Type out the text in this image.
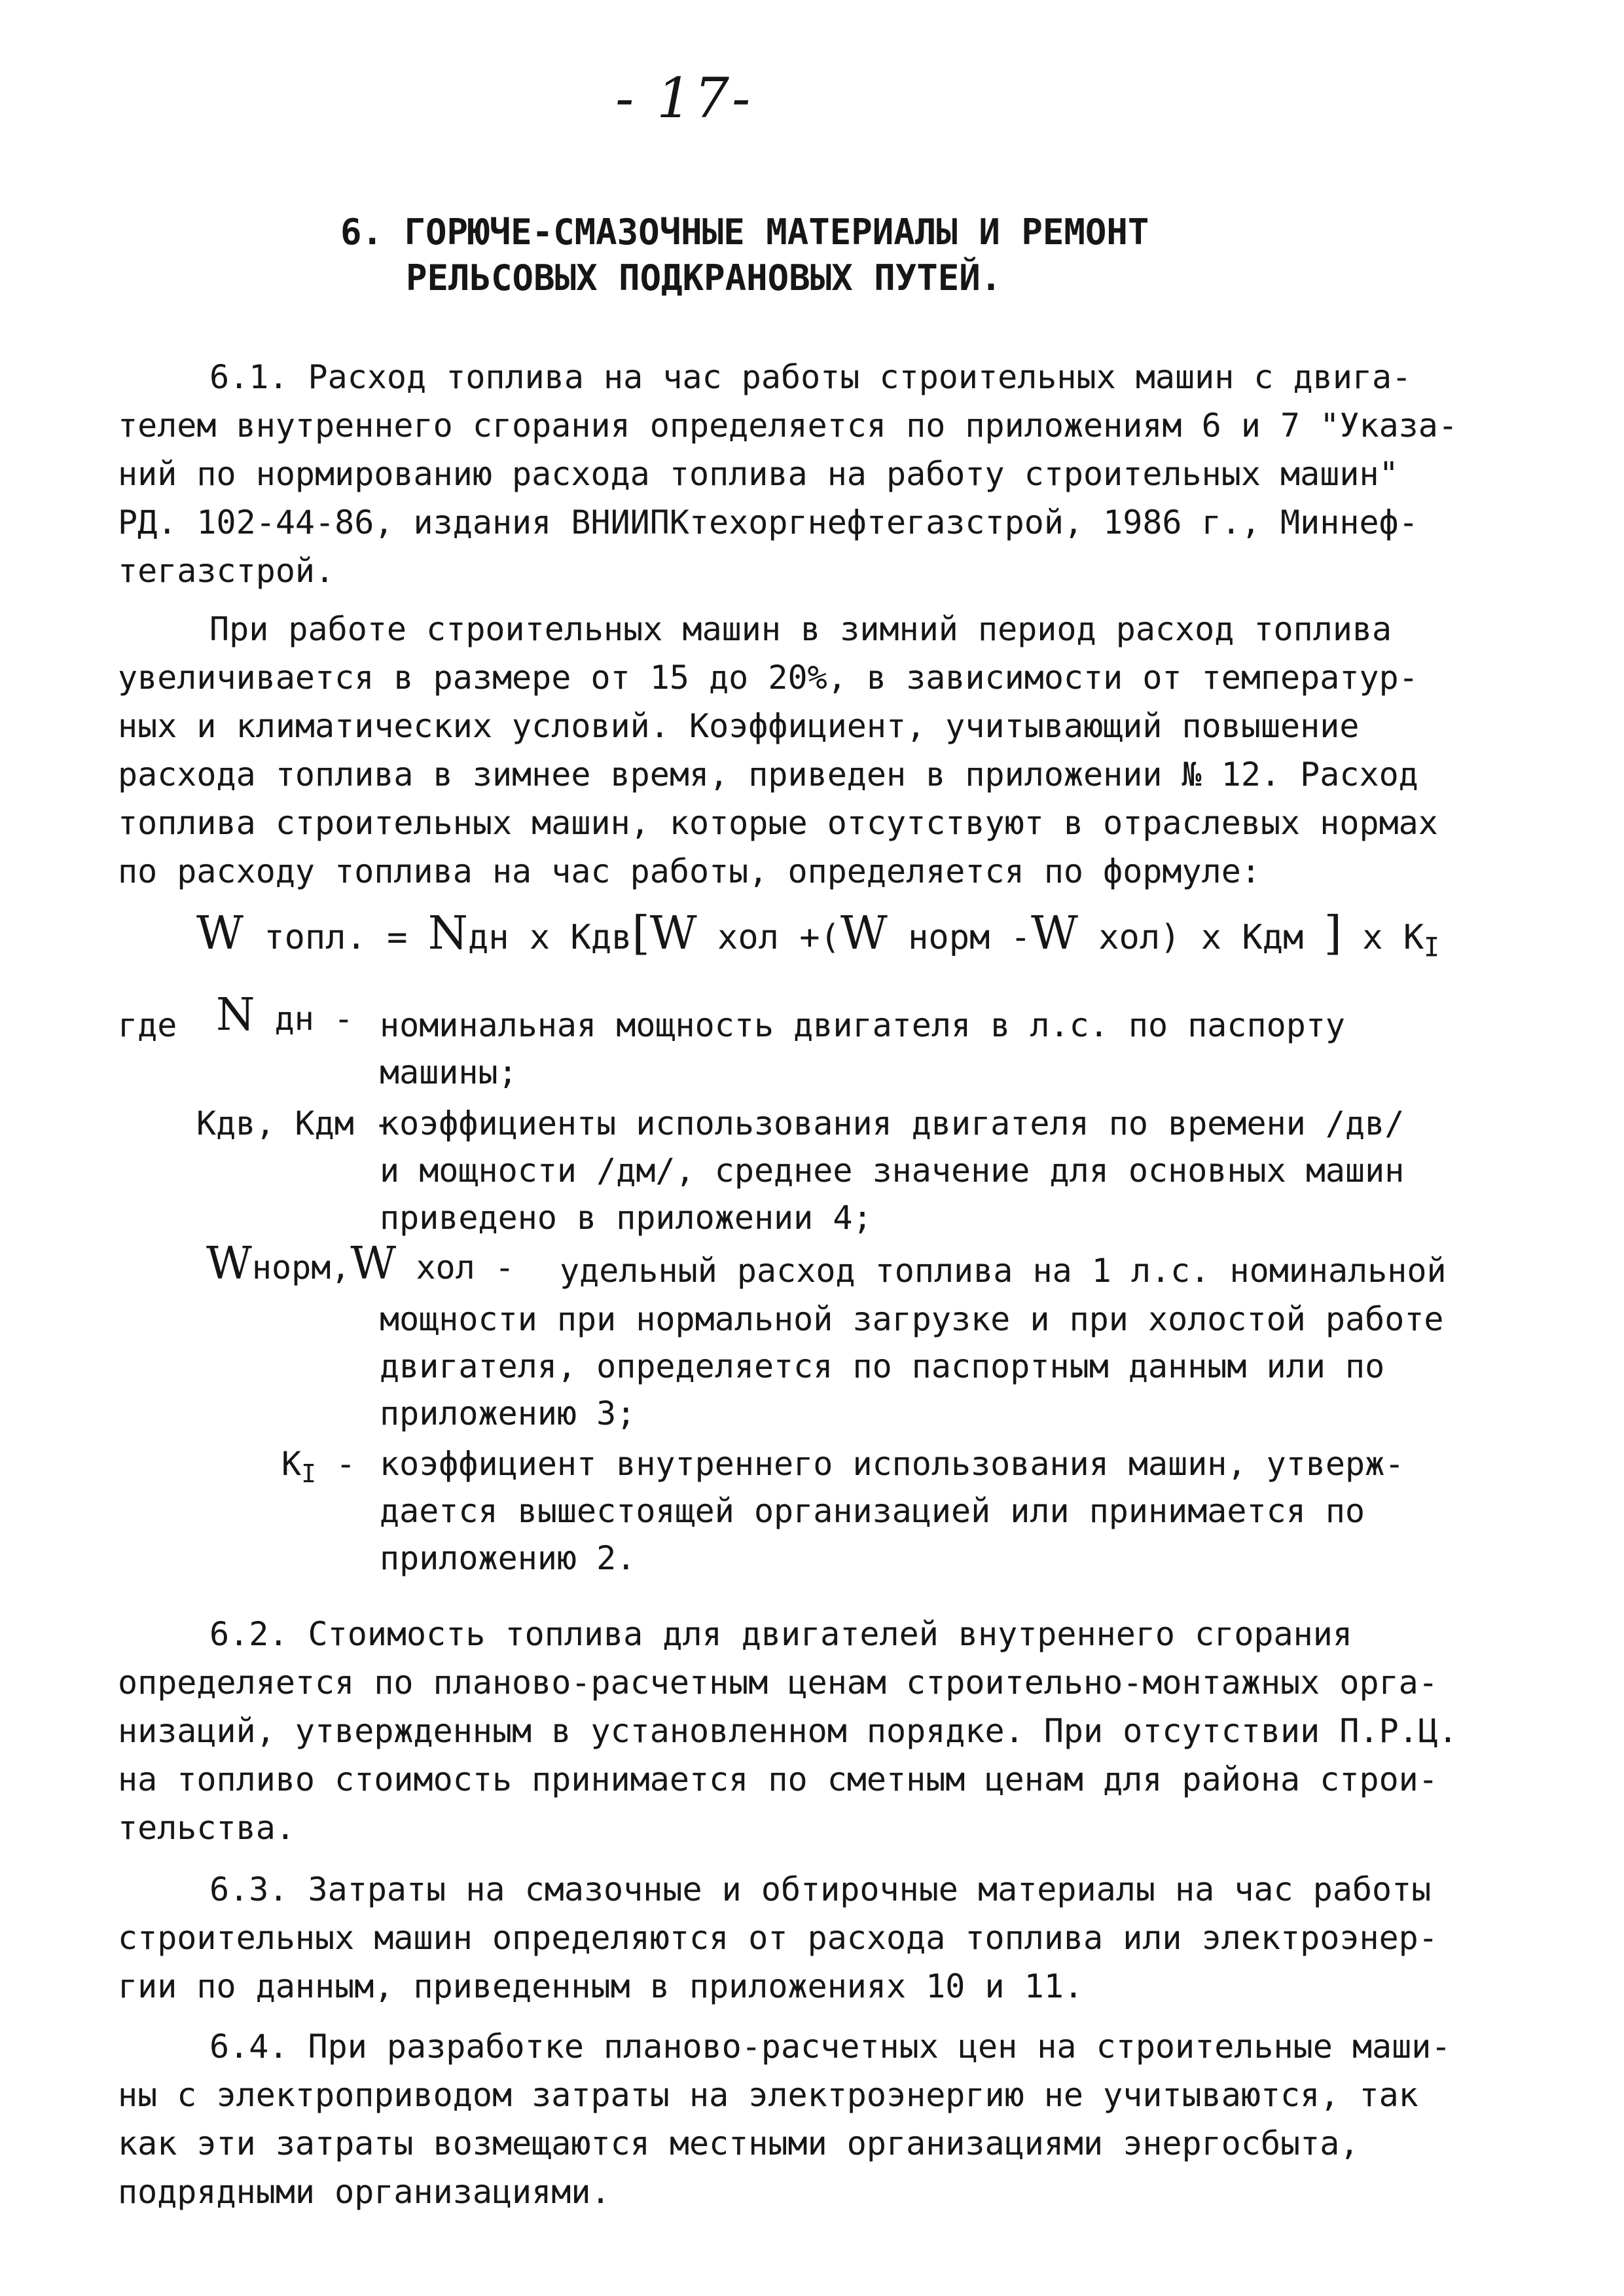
- 17-
6. ГОРЮЧЕ-СМАЗОЧНЫЕ МАТЕРИАЛЫ И РЕМОНТ
РЕЛЬСОВЫХ ПОДКРАНОВЫХ ПУТЕЙ.
6.1. Расход топлива на час работы строительных машин с двига-
телем внутреннего сгорания определяется по приложениям 6 и 7 "Указа-
ний по нормированию расхода топлива на работу строительных машин"
РД. 102-44-86, издания ВНИИПКтехоргнефтегазстрой, 1986 г., Миннеф-
тегазстрой.
При работе строительных машин в зимний период расход топлива
увеличивается в размере от 15 до 20%, в зависимости от температур-
ных и климатических условий. Коэффициент, учитывающий повышение
расхода топлива в зимнее время, приведен в приложении № 12. Расход
топлива строительных машин, которые отсутствуют в отраслевых нормах
по расходу топлива на час работы, определяется по формуле:
W топл. = Nдн х Кдв[W хол +(W норм -W хол) х Кдм ] х $К_I$
где N дн - номинальная мощность двигателя в л.с. по паспорту
машины;
Кдв, Кдм -
коэффициенты использования двигателя по времени /дв/
и мощности /дм/, среднее значение для основных машин
приведено в приложении 4;
Wнорм,W хол - удельный расход топлива на 1 л.с. номинальной
мощности при нормальной загрузке и при холостой работе
двигателя, определяется по паспортным данным или по
приложению 3;
$К_I$ - коэффициент внутреннего использования машин, утверж-
дается вышестоящей организацией или принимается по
приложению 2.
6.2. Стоимость топлива для двигателей внутреннего сгорания
определяется по планово-расчетным ценам строительно-монтажных орга-
низаций, утвержденным в установленном порядке. При отсутствии П.Р.Ц.
на топливо стоимость принимается по сметным ценам для района строи-
тельства.
6.3. Затраты на смазочные и обтирочные материалы на час работы
строительных машин определяются от расхода топлива или электроэнер-
гии по данным, приведенным в приложениях 10 и 11.
6.4. При разработке планово-расчетных цен на строительные маши-
ны с электроприводом затраты на электроэнергию не учитываются, так
как эти затраты возмещаются местными организациями энергосбыта,
подрядными организациями.
